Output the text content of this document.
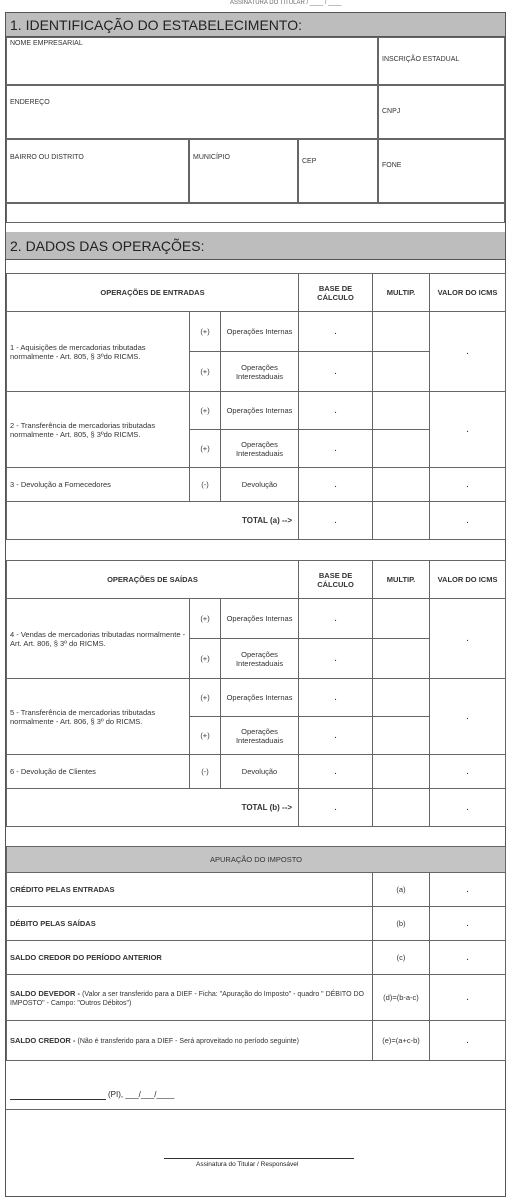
ASSINATURA DO TITULAR / ____ / ____
1. IDENTIFICAÇÃO DO ESTABELECIMENTO:
NOME EMPRESARIAL
INSCRIÇÃO ESTADUAL
ENDEREÇO
CNPJ
BAIRRO OU DISTRITO	MUNICÍPIO
CEP
FONE
2. DADOS DAS OPERAÇÕES:
OPERAÇÕES DE ENTRADAS			BASE DE CÁLCULO	MULTIP.	VALOR DO ICMS
1 - Aquisições de mercadorias tributadas normalmente - Art. 805, § 3ºdo RICMS.	(+)	Operações Internas	.		.
	(+)	Operações Interestaduais	.		
2 - Transferência de mercadorias tributadas normalmente - Art. 805, § 3ºdo RICMS.	(+)	Operações Internas	.		.
	(+)	Operações Interestaduais	.		
3 - Devolução a Fornecedores	(-)	Devolução	.		.
TOTAL (a) -->			.		.
OPERAÇÕES DE SAÍDAS			BASE DE CÁLCULO	MULTIP.	VALOR DO ICMS
4 - Vendas de mercadorias tributadas normalmente - Art. Art. 806, § 3º do RICMS.	(+)	Operações Internas	.		.
	(+)	Operações Interestaduais	.		
5 - Transferência de mercadorias tributadas normalmente - Art. 806, § 3º do RICMS.	(+)	Operações Internas	.		.
	(+)	Operações Interestaduais	.		
6 - Devolução de Clientes	(-)	Devolução	.		.
TOTAL (b) -->			.		.
APURAÇÃO DO IMPOSTO		
CRÉDITO PELAS ENTRADAS	(a)	.
DÉBITO PELAS SAÍDAS	(b)	.
SALDO CREDOR DO PERÍODO ANTERIOR	(c)	.
SALDO DEVEDOR - (Valor a ser transferido para a DIEF - Ficha: "Apuração do Imposto" - quadro " DÉBITO DO IMPOSTO" - Campo: "Outros Débitos")	(d)=(b-a-c)	.
SALDO CREDOR - (Não é transferido para a DIEF - Será aproveitado no período seguinte)	(e)=(a+c-b)	.
(PI), ___/___/____
Assinatura do Titular / Responsável
